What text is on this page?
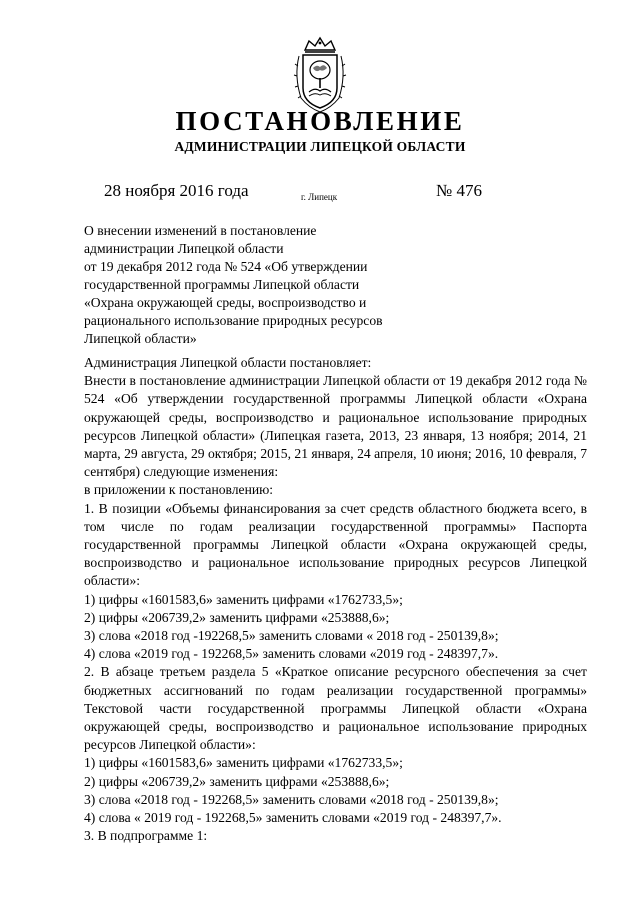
ПОСТАНОВЛЕНИЕ
АДМИНИСТРАЦИИ ЛИПЕЦКОЙ ОБЛАСТИ
28 ноября 2016 года	г. Липецк	№ 476
О внесении изменений в постановление
администрации Липецкой области
от 19 декабря 2012 года № 524 «Об утверждении
государственной программы Липецкой области
«Охрана окружающей среды, воспроизводство и
рационального использование природных ресурсов
Липецкой области»

Администрация Липецкой области постановляет:

Внести в постановление администрации Липецкой области от 19 декабря 2012 года № 524 «Об утверждении государственной программы Липецкой области «Охрана окружающей среды, воспроизводство и рациональное использование природных ресурсов Липецкой области» (Липецкая газета, 2013, 23 января, 13 ноября; 2014, 21 марта, 29 августа, 29 октября; 2015, 21 января, 24 апреля, 10 июня; 2016, 10 февраля, 7 сентября) следующие изменения:

в приложении к постановлению:

1. В позиции «Объемы финансирования за счет средств областного бюджета всего, в том числе по годам реализации государственной программы» Паспорта государственной программы Липецкой области «Охрана окружающей среды, воспроизводство и рациональное использование природных ресурсов Липецкой области»:

1) цифры «1601583,6» заменить цифрами «1762733,5»;

2) цифры «206739,2» заменить цифрами «253888,6»;

3) слова «2018 год -192268,5» заменить словами « 2018 год - 250139,8»;

4) слова «2019 год - 192268,5» заменить словами «2019 год - 248397,7».

2. В абзаце третьем раздела 5 «Краткое описание ресурсного обеспечения за счет бюджетных ассигнований по годам реализации государственной программы» Текстовой части государственной программы Липецкой области «Охрана окружающей среды, воспроизводство и рациональное использование природных ресурсов Липецкой области»:

1) цифры «1601583,6» заменить цифрами «1762733,5»;

2) цифры «206739,2» заменить цифрами «253888,6»;

3) слова «2018 год - 192268,5» заменить словами «2018 год - 250139,8»;

4) слова « 2019 год - 192268,5» заменить словами «2019 год - 248397,7».

3. В подпрограмме 1:
